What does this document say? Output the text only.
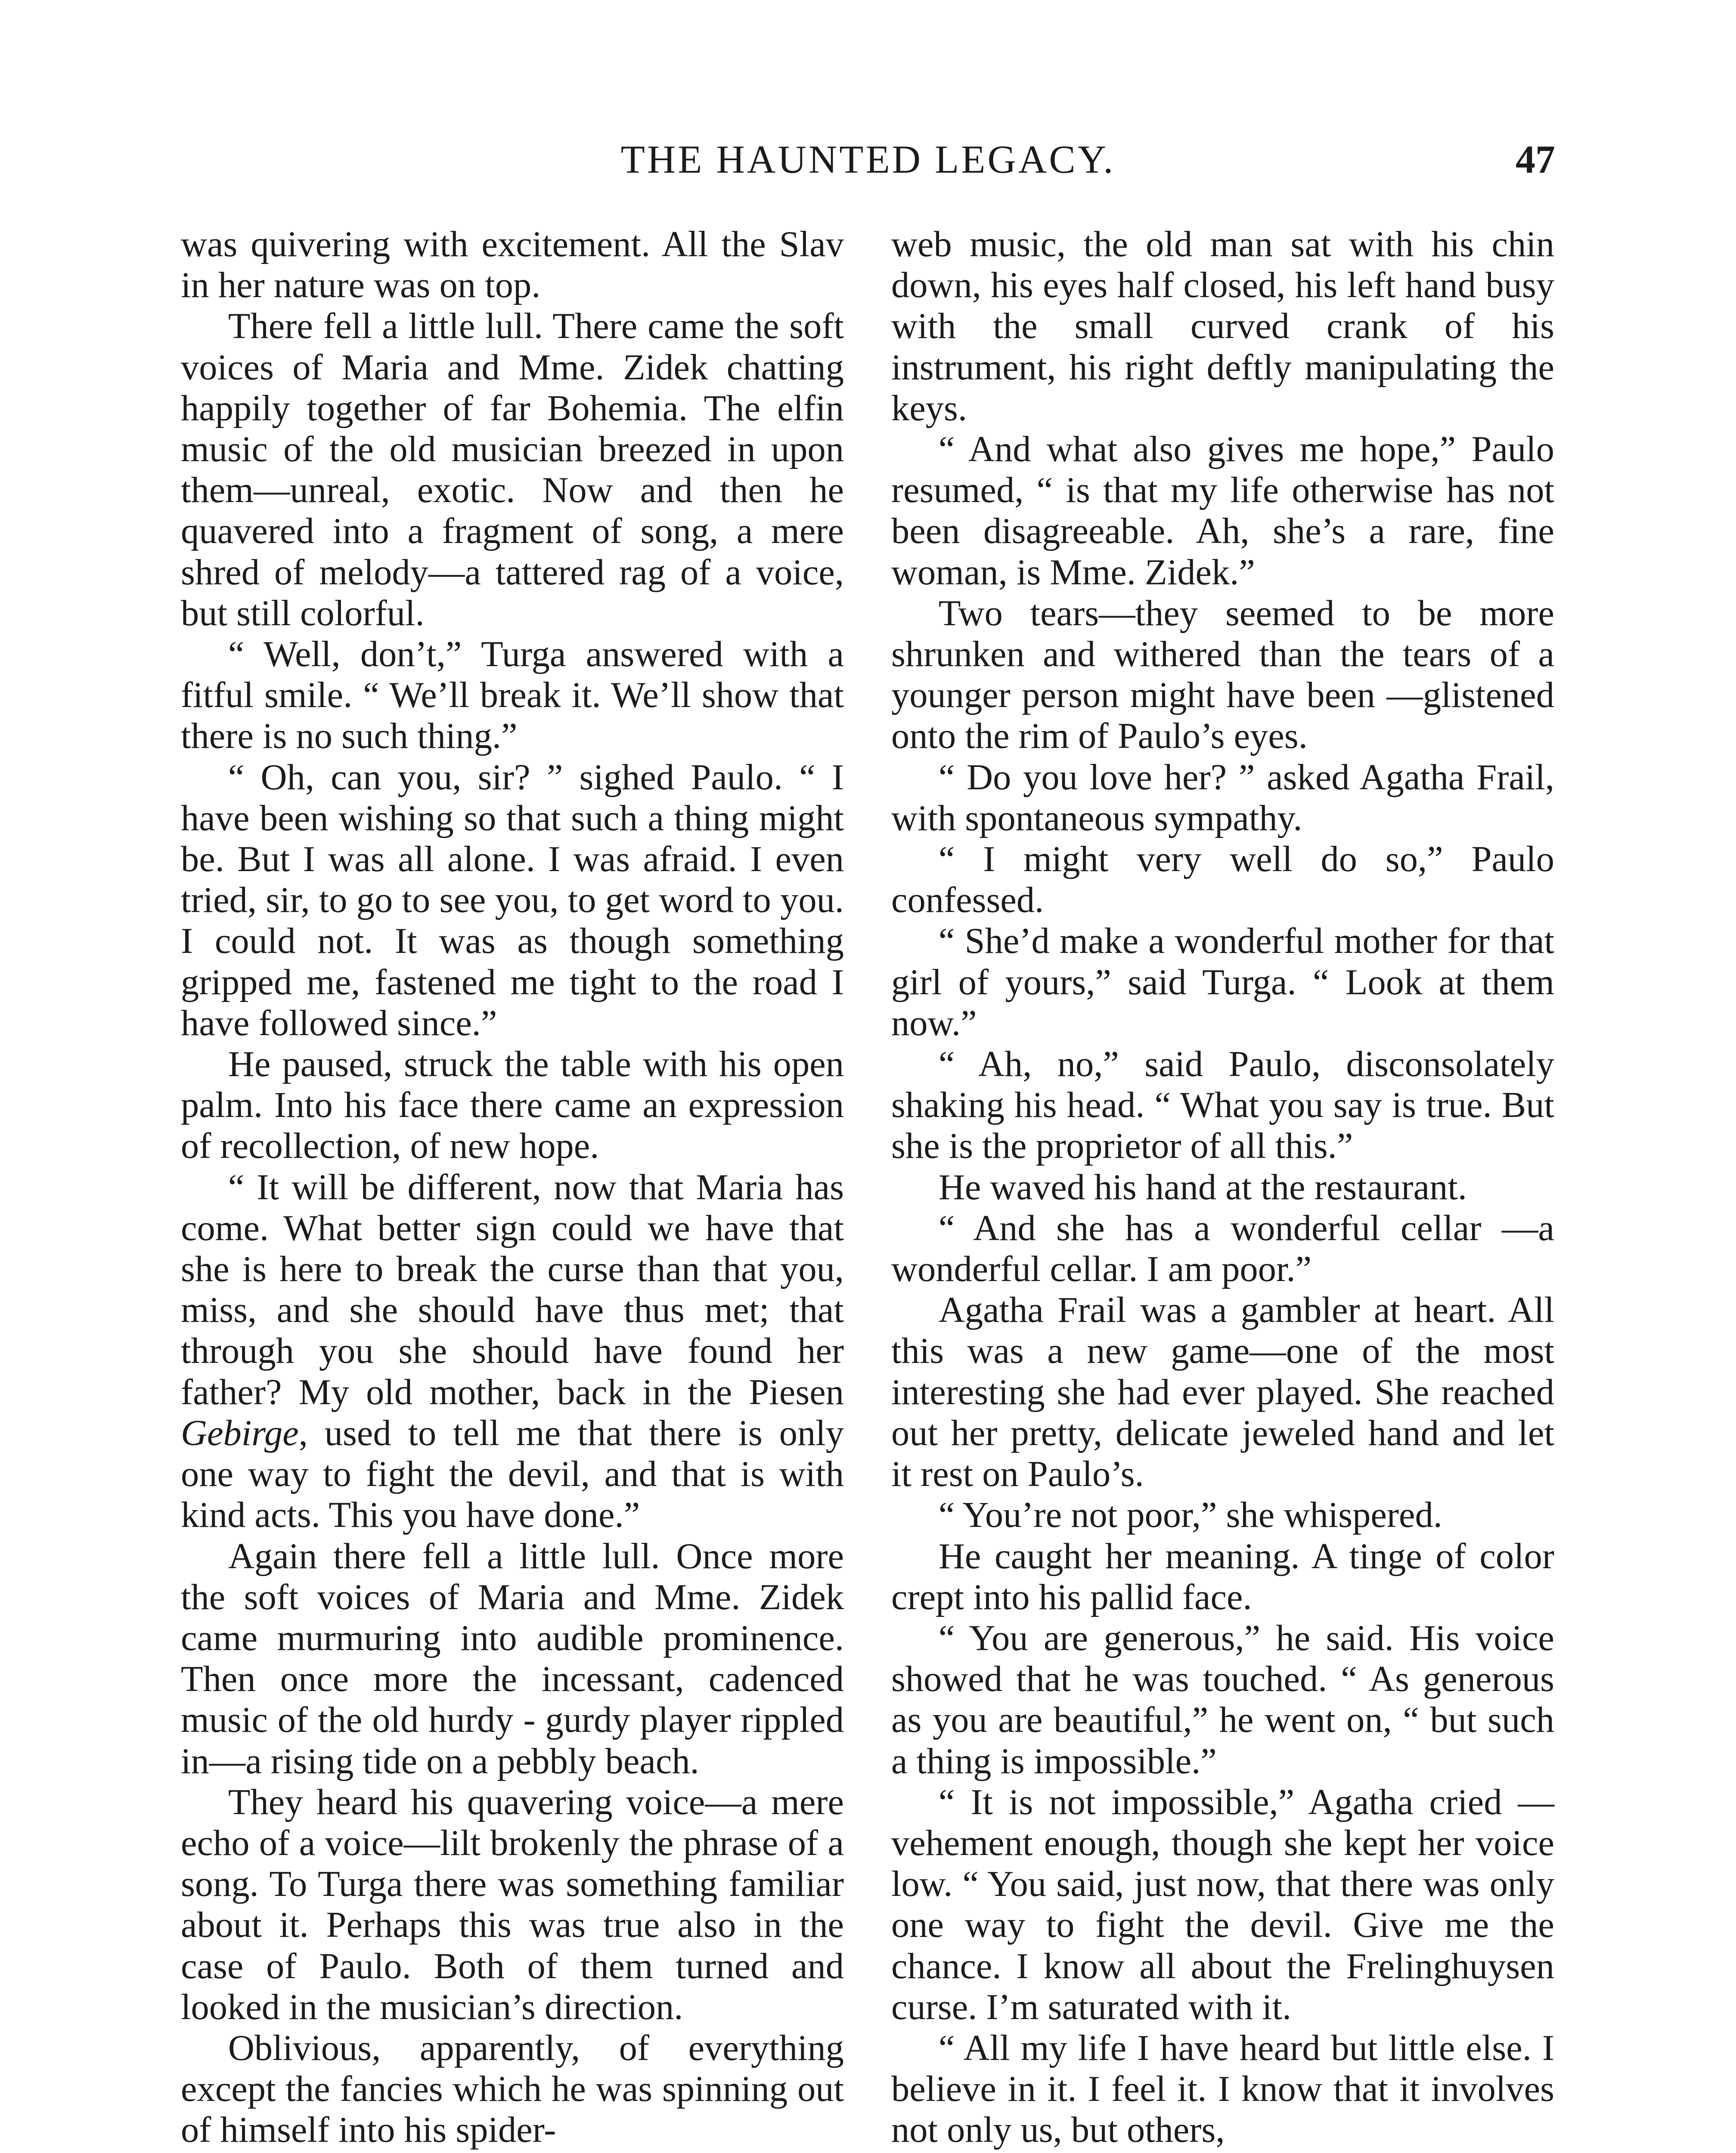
THE HAUNTED LEGACY.	47

was quivering with excitement. All the Slav in her nature was on top.

There fell a little lull. There came the soft voices of Maria and Mme. Zidek chatting happily together of far Bohemia. The elfin music of the old musician breezed in upon them—unreal, exotic. Now and then he quavered into a fragment of song, a mere shred of melody—a tattered rag of a voice, but still colorful.

“ Well, don’t,” Turga answered with a fitful smile. “ We’ll break it. We’ll show that there is no such thing.”

“ Oh, can you, sir? ” sighed Paulo. “ I have been wishing so that such a thing might be. But I was all alone. I was afraid. I even tried, sir, to go to see you, to get word to you. I could not. It was as though something gripped me, fastened me tight to the road I have followed since.”

He paused, struck the table with his open palm. Into his face there came an expression of recollection, of new hope.

“ It will be different, now that Maria has come. What better sign could we have that she is here to break the curse than that you, miss, and she should have thus met; that through you she should have found her father? My old mother, back in the Piesen Gebirge, used to tell me that there is only one way to fight the devil, and that is with kind acts. This you have done.”

Again there fell a little lull. Once more the soft voices of Maria and Mme. Zidek came murmuring into audible prominence. Then once more the incessant, cadenced music of the old hurdy - gurdy player rippled in—a rising tide on a pebbly beach.

They heard his quavering voice—a mere echo of a voice—lilt brokenly the phrase of a song. To Turga there was something familiar about it. Perhaps this was true also in the case of Paulo. Both of them turned and looked in the musician’s direction.

Oblivious, apparently, of everything except the fancies which he was spinning out of himself into his spider-

web music, the old man sat with his chin down, his eyes half closed, his left hand busy with the small curved crank of his instrument, his right deftly manipulating the keys.

“ And what also gives me hope,” Paulo resumed, “ is that my life otherwise has not been disagreeable. Ah, she’s a rare, fine woman, is Mme. Zidek.”

Two tears—they seemed to be more shrunken and withered than the tears of a younger person might have been —glistened onto the rim of Paulo’s eyes.

“ Do you love her? ” asked Agatha Frail, with spontaneous sympathy.

“ I might very well do so,” Paulo confessed.

“ She’d make a wonderful mother for that girl of yours,” said Turga. “ Look at them now.”

“ Ah, no,” said Paulo, disconsolately shaking his head. “ What you say is true. But she is the proprietor of all this.”

He waved his hand at the restaurant.

“ And she has a wonderful cellar —a wonderful cellar. I am poor.”

Agatha Frail was a gambler at heart. All this was a new game—one of the most interesting she had ever played. She reached out her pretty, delicate jeweled hand and let it rest on Paulo’s.

“ You’re not poor,” she whispered.

He caught her meaning. A tinge of color crept into his pallid face.

“ You are generous,” he said. His voice showed that he was touched. “ As generous as you are beautiful,” he went on, “ but such a thing is impossible.”

“ It is not impossible,” Agatha cried —vehement enough, though she kept her voice low. “ You said, just now, that there was only one way to fight the devil. Give me the chance. I know all about the Frelinghuysen curse. I’m saturated with it.

“ All my life I have heard but little else. I believe in it. I feel it. I know that it involves not only us, but others,
